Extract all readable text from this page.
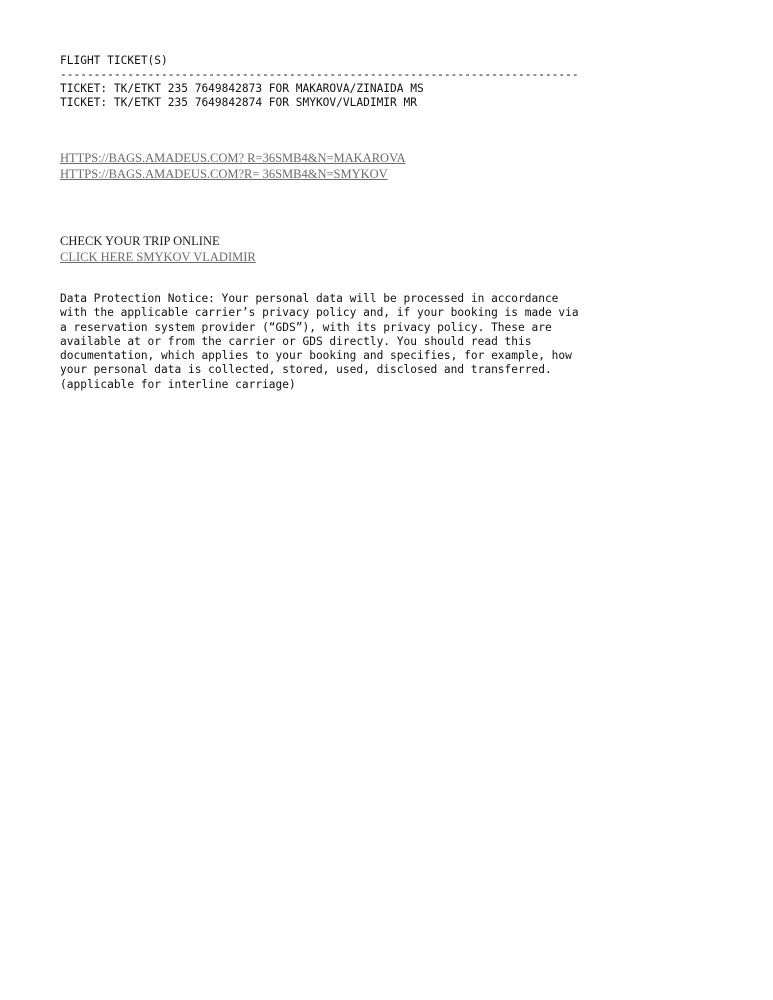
FLIGHT TICKET(S)
-----------------------------------------------------------------------------
TICKET: TK/ETKT 235 7649842873 FOR MAKAROVA/ZINAIDA MS
TICKET: TK/ETKT 235 7649842874 FOR SMYKOV/VLADIMIR MR
HTTPS://BAGS.AMADEUS.COM? R=36SMB4&N=MAKAROVA
HTTPS://BAGS.AMADEUS.COM?R= 36SMB4&N=SMYKOV
CHECK YOUR TRIP ONLINE
CLICK HERE SMYKOV VLADIMIR
Data Protection Notice: Your personal data will be processed in accordance
with the applicable carrier’s privacy policy and, if your booking is made via
a reservation system provider (“GDS”), with its privacy policy. These are
available at or from the carrier or GDS directly. You should read this
documentation, which applies to your booking and specifies, for example, how
your personal data is collected, stored, used, disclosed and transferred.
(applicable for interline carriage)
